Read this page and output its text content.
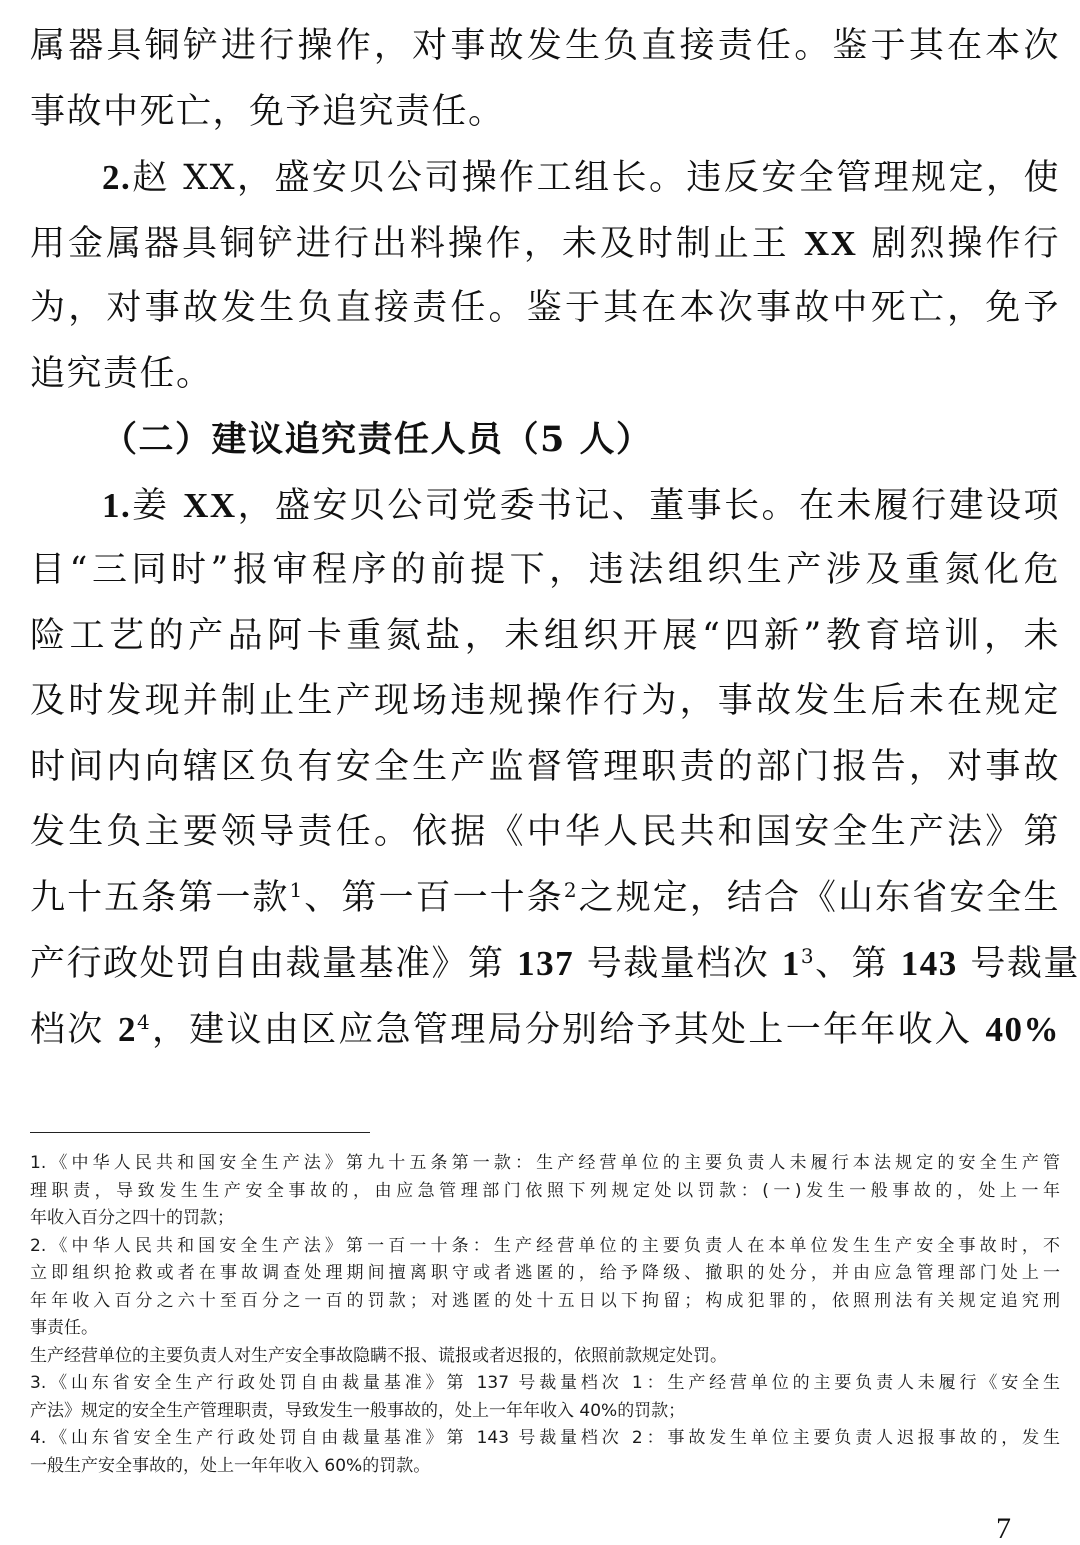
属器具铜铲进行操作，对事故发生负直接责任。鉴于其在本次
事故中死亡，免予追究责任。
2.赵 XX，盛安贝公司操作工组长。违反安全管理规定，使
用金属器具铜铲进行出料操作，未及时制止王 XX 剧烈操作行
为，对事故发生负直接责任。鉴于其在本次事故中死亡，免予
追究责任。
（二）建议追究责任人员（5 人）
1.姜 XX，盛安贝公司党委书记、董事长。在未履行建设项
目“三同时”报审程序的前提下，违法组织生产涉及重氮化危
险工艺的产品阿卡重氮盐，未组织开展“四新”教育培训，未
及时发现并制止生产现场违规操作行为，事故发生后未在规定
时间内向辖区负有安全生产监督管理职责的部门报告，对事故
发生负主要领导责任。依据《中华人民共和国安全生产法》第
九十五条第一款$^1$、第一百一十条$^2$之规定，结合《山东省安全生
产行政处罚自由裁量基准》第 137 号裁量档次 $1^3$、第 143 号裁量
档次 $2^4$，建议由区应急管理局分别给予其处上一年年收入 40%
1.《中华人民共和国安全生产法》第九十五条第一款：生产经营单位的主要负责人未履行本法规定的安全生产管
理职责，导致发生生产安全事故的，由应急管理部门依照下列规定处以罚款：(一)发生一般事故的，处上一年
年收入百分之四十的罚款；
2.《中华人民共和国安全生产法》第一百一十条：生产经营单位的主要负责人在本单位发生生产安全事故时，不
立即组织抢救或者在事故调查处理期间擅离职守或者逃匿的，给予降级、撤职的处分，并由应急管理部门处上一
年年收入百分之六十至百分之一百的罚款；对逃匿的处十五日以下拘留；构成犯罪的，依照刑法有关规定追究刑
事责任。
生产经营单位的主要负责人对生产安全事故隐瞒不报、谎报或者迟报的，依照前款规定处罚。
3.《山东省安全生产行政处罚自由裁量基准》第 137 号裁量档次 1：生产经营单位的主要负责人未履行《安全生
产法》规定的安全生产管理职责，导致发生一般事故的，处上一年年收入 40%的罚款；
4.《山东省安全生产行政处罚自由裁量基准》第 143 号裁量档次 2：事故发生单位主要负责人迟报事故的，发生
一般生产安全事故的，处上一年年收入 60%的罚款。
7
